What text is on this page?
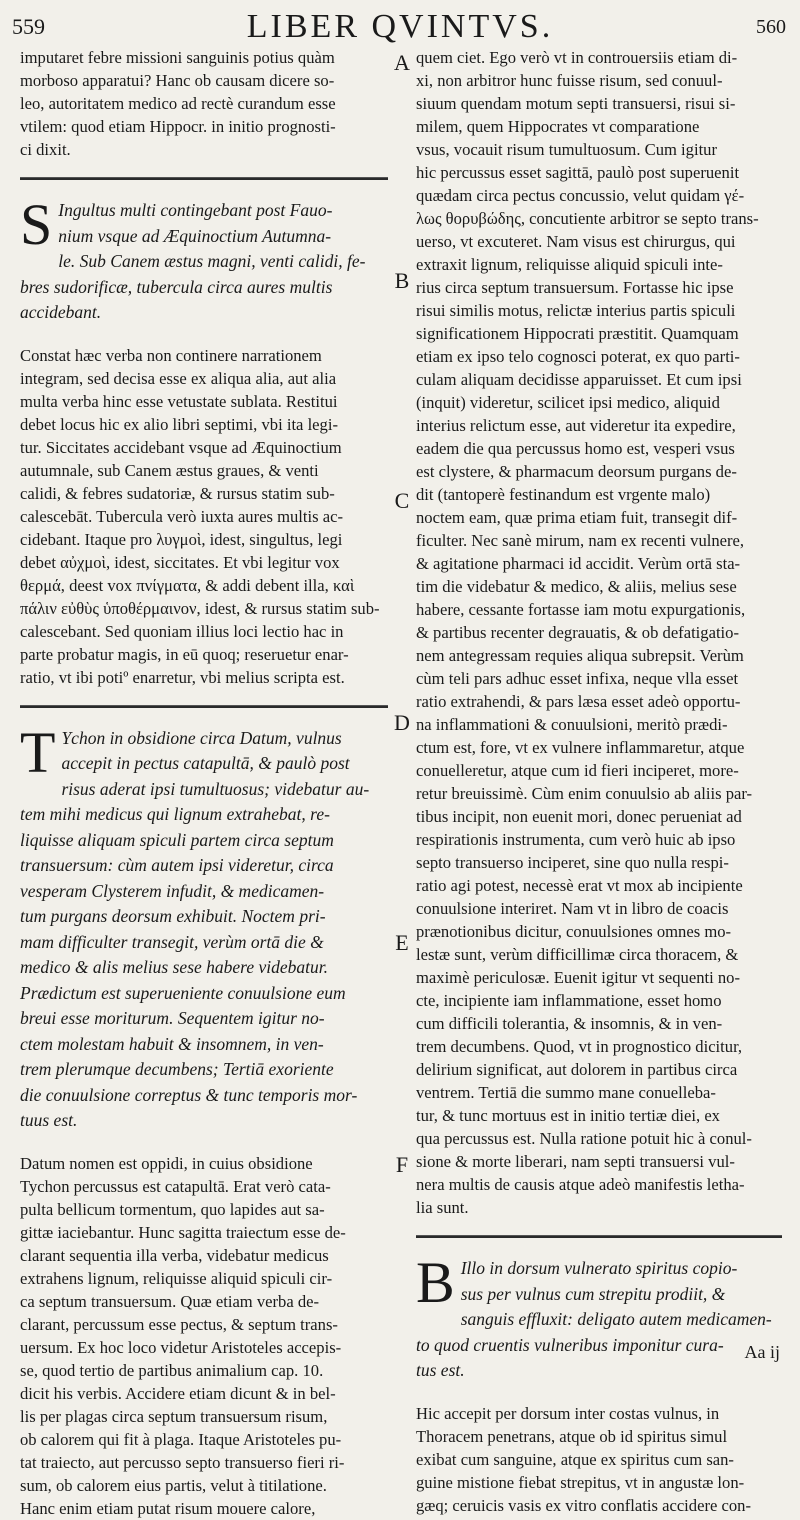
559	LIBER QVINTVS.	560
imputaret febre missioni sanguinis potius quàm
morboso apparatui? Hanc ob causam dicere so-
leo, autoritatem medico ad rectè curandum esse
vtilem: quod etiam Hippocr. in initio prognosti-
ci dixit.
S Ingultus multi contingebant post Fauo-
nium vsque ad Æquinoctium Autumna-
le. Sub Canem æstus magni, venti calidi, fe-
bres sudorificæ, tubercula circa aures multis
accidebant.
Constat hæc verba non continere narrationem
integram, sed decisa esse ex aliqua alia, aut alia
multa verba hinc esse vetustate sublata. Restitui
debet locus hic ex alio libri septimi, vbi ita legi-
tur. Siccitates accidebant vsque ad Æquinoctium
autumnale, sub Canem æstus graues, & venti
calidi, & febres sudatoriæ, & rursus statim sub-
calescebāt. Tubercula verò iuxta aures multis ac-
cidebant. Itaque pro λυγμοὶ, idest, singultus, legi
debet αὐχμοὶ, idest, siccitates. Et vbi legitur vox
θερμά, deest vox πνίγματα, & addi debent illa, καὶ
πάλιν εὐθὺς ὑποθέρμαινον, idest, & rursus statim sub-
calescebant. Sed quoniam illius loci lectio hac in
parte probatur magis, in eū quoq; reseruetur enar-
ratio, vt ibi potiº enarretur, vbi melius scripta est.
T Ychon in obsidione circa Datum, vulnus
accepit in pectus catapultā, & paulò post
risus aderat ipsi tumultuosus; videbatur au-
tem mihi medicus qui lignum extrahebat, re-
liquisse aliquam spiculi partem circa septum
transuersum: cùm autem ipsi videretur, circa
vesperam Clysterem infudit, & medicamen-
tum purgans deorsum exhibuit. Noctem pri-
mam difficulter transegit, verùm ortā die &
medico & alis melius sese habere videbatur.
Prædictum est superueniente conuulsione eum
breui esse moriturum. Sequentem igitur no-
ctem molestam habuit & insomnem, in ven-
trem plerumque decumbens; Tertiā exoriente
die conuulsione correptus & tunc temporis mor-
tuus est.
Datum nomen est oppidi, in cuius obsidione
Tychon percussus est catapultā. Erat verò cata-
pulta bellicum tormentum, quo lapides aut sa-
gittæ iaciebantur. Hunc sagitta traiectum esse de-
clarant sequentia illa verba, videbatur medicus
extrahens lignum, reliquisse aliquid spiculi cir-
ca septum transuersum. Quæ etiam verba de-
clarant, percussum esse pectus, & septum trans-
uersum. Ex hoc loco videtur Aristoteles accepis-
se, quod tertio de partibus animalium cap. 10.
dicit his verbis. Accidere etiam dicunt & in bel-
lis per plagas circa septum transuersum risum,
ob calorem qui fit à plaga. Itaque Aristoteles pu-
tat traiecto, aut percusso septo transuerso fieri ri-
sum, ob calorem eius partis, velut à titilatione.
Hanc enim etiam putat risum mouere calore,
A
B
C
D
E
F
quem ciet. Ego verò vt in controuersiis etiam di-
xi, non arbitror hunc fuisse risum, sed conuul-
siuum quendam motum septi transuersi, risui si-
milem, quem Hippocrates vt comparatione
vsus, vocauit risum tumultuosum. Cum igitur
hic percussus esset sagittā, paulò post superuenit
quædam circa pectus concussio, velut quidam γέ-
λως θορυβώδης, concutiente arbitror se septo trans-
uerso, vt excuteret. Nam visus est chirurgus, qui
extraxit lignum, reliquisse aliquid spiculi inte-
rius circa septum transuersum. Fortasse hic ipse
risui similis motus, relictæ interius partis spiculi
significationem Hippocrati præstitit. Quamquam
etiam ex ipso telo cognosci poterat, ex quo parti-
culam aliquam decidisse apparuisset. Et cum ipsi
(inquit) videretur, scilicet ipsi medico, aliquid
interius relictum esse, aut videretur ita expedire,
eadem die qua percussus homo est, vesperi vsus
est clystere, & pharmacum deorsum purgans de-
dit (tantoperè festinandum est vrgente malo)
noctem eam, quæ prima etiam fuit, transegit dif-
ficulter. Nec sanè mirum, nam ex recenti vulnere,
& agitatione pharmaci id accidit. Verùm ortā sta-
tim die videbatur & medico, & aliis, melius sese
habere, cessante fortasse iam motu expurgationis,
& partibus recenter degrauatis, & ob defatigatio-
nem antegressam requies aliqua subrepsit. Verùm
cùm teli pars adhuc esset infixa, neque vlla esset
ratio extrahendi, & pars læsa esset adeò opportu-
na inflammationi & conuulsioni, meritò prædi-
ctum est, fore, vt ex vulnere inflammaretur, atque
conuelleretur, atque cum id fieri inciperet, more-
retur breuissimè. Cùm enim conuulsio ab aliis par-
tibus incipit, non euenit mori, donec perueniat ad
respirationis instrumenta, cum verò huic ab ipso
septo transuerso inciperet, sine quo nulla respi-
ratio agi potest, necessè erat vt mox ab incipiente
conuulsione interiret. Nam vt in libro de coacis
prænotionibus dicitur, conuulsiones omnes mo-
lestæ sunt, verùm difficillimæ circa thoracem, &
maximè periculosæ. Euenit igitur vt sequenti no-
cte, incipiente iam inflammatione, esset homo
cum difficili tolerantia, & insomnis, & in ven-
trem decumbens. Quod, vt in prognostico dicitur,
delirium significat, aut dolorem in partibus circa
ventrem. Tertiā die summo mane conuelleba-
tur, & tunc mortuus est in initio tertiæ diei, ex
qua percussus est. Nulla ratione potuit hic à conul-
sione & morte liberari, nam septi transuersi vul-
nera multis de causis atque adeò manifestis letha-
lia sunt.
B Illo in dorsum vulnerato spiritus copio-
sus per vulnus cum strepitu prodiit, &
sanguis effluxit: deligato autem medicamen-
to quod cruentis vulneribus imponitur cura-
tus est.
Hic accepit per dorsum inter costas vulnus, in
Thoracem penetrans, atque ob id spiritus simul
exibat cum sanguine, atque ex spiritus cum san-
guine mistione fiebat strepitus, vt in angustæ lon-
gæq; ceruicis vasis ex vitro conflatis accidere con-
Aa ij
